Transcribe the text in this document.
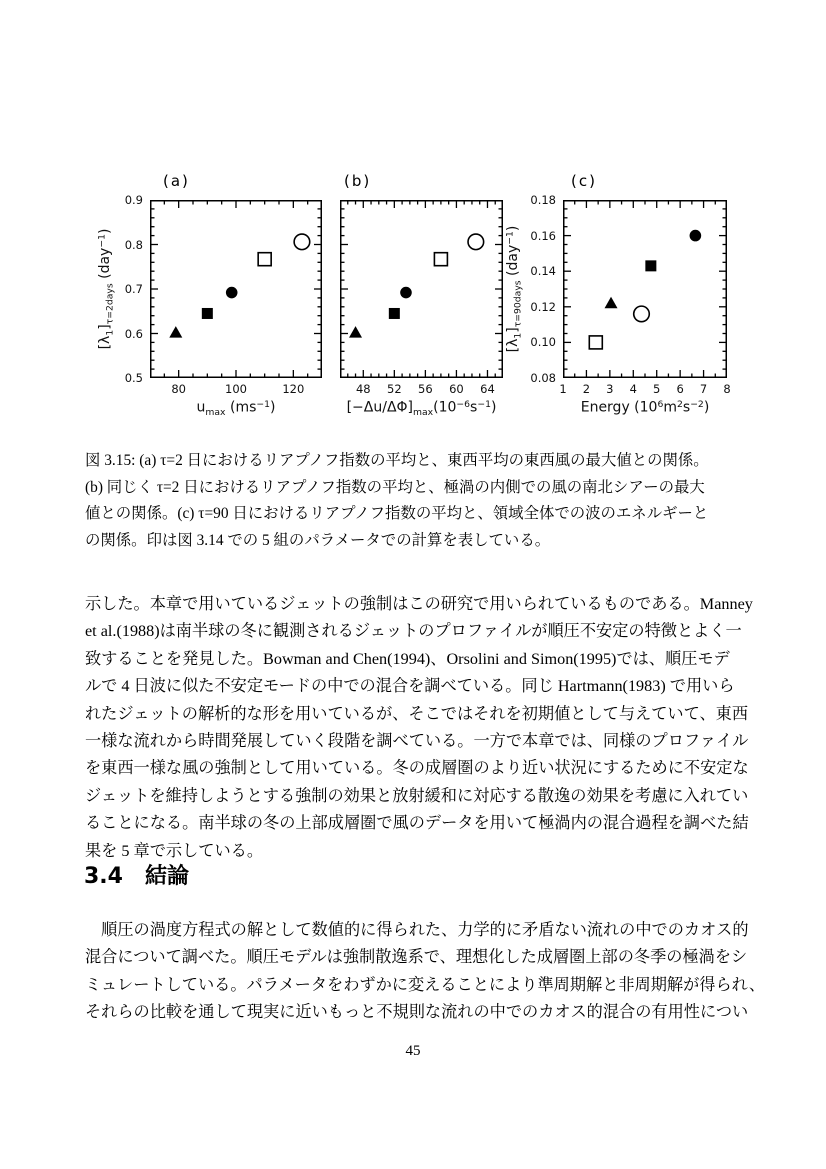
(a)
80	100	120
0.5
0.6
0.7
0.8
0.9
$u_{max}$ $(ms^{-1})$
$[\lambda_1]_{\tau=2days}$ (day$^{-1}$)
(b)
48 52 56 60 64
$[-\Delta u/\Delta\Phi]_{max}(10^{-6}s^{-1})$
(c)
1 2 3 4 5 6 7 8
0.08
0.10
0.12
0.14
0.16
0.18
Energy $(10^6m^2s^{-2})$
$[\lambda_1]_{\tau=90days}$ (day$^{-1}$)
図 3.15: (a) τ=2 日におけるリアプノフ指数の平均と、東西平均の東西風の最大値との関係。
(b) 同じく τ=2 日におけるリアプノフ指数の平均と、極渦の内側での風の南北シアーの最大
値との関係。(c) τ=90 日におけるリアプノフ指数の平均と、領域全体での波のエネルギーと
の関係。印は図 3.14 での 5 組のパラメータでの計算を表している。
示した。本章で用いているジェットの強制はこの研究で用いられているものである。Manney
et al.(1988)は南半球の冬に観測されるジェットのプロファイルが順圧不安定の特徴とよく一
致することを発見した。Bowman and Chen(1994)、Orsolini and Simon(1995)では、順圧モデ
ルで 4 日波に似た不安定モードの中での混合を調べている。同じ Hartmann(1983) で用いら
れたジェットの解析的な形を用いているが、そこではそれを初期値として与えていて、東西
一様な流れから時間発展していく段階を調べている。一方で本章では、同様のプロファイル
を東西一様な風の強制として用いている。冬の成層圏のより近い状況にするために不安定な
ジェットを維持しようとする強制の効果と放射緩和に対応する散逸の効果を考慮に入れてい
ることになる。南半球の冬の上部成層圏で風のデータを用いて極渦内の混合過程を調べた結
果を 5 章で示している。
3.4 結論
　順圧の渦度方程式の解として数値的に得られた、力学的に矛盾ない流れの中でのカオス的
混合について調べた。順圧モデルは強制散逸系で、理想化した成層圏上部の冬季の極渦をシ
ミュレートしている。パラメータをわずかに変えることにより準周期解と非周期解が得られ、
それらの比較を通して現実に近いもっと不規則な流れの中でのカオス的混合の有用性につい
45
